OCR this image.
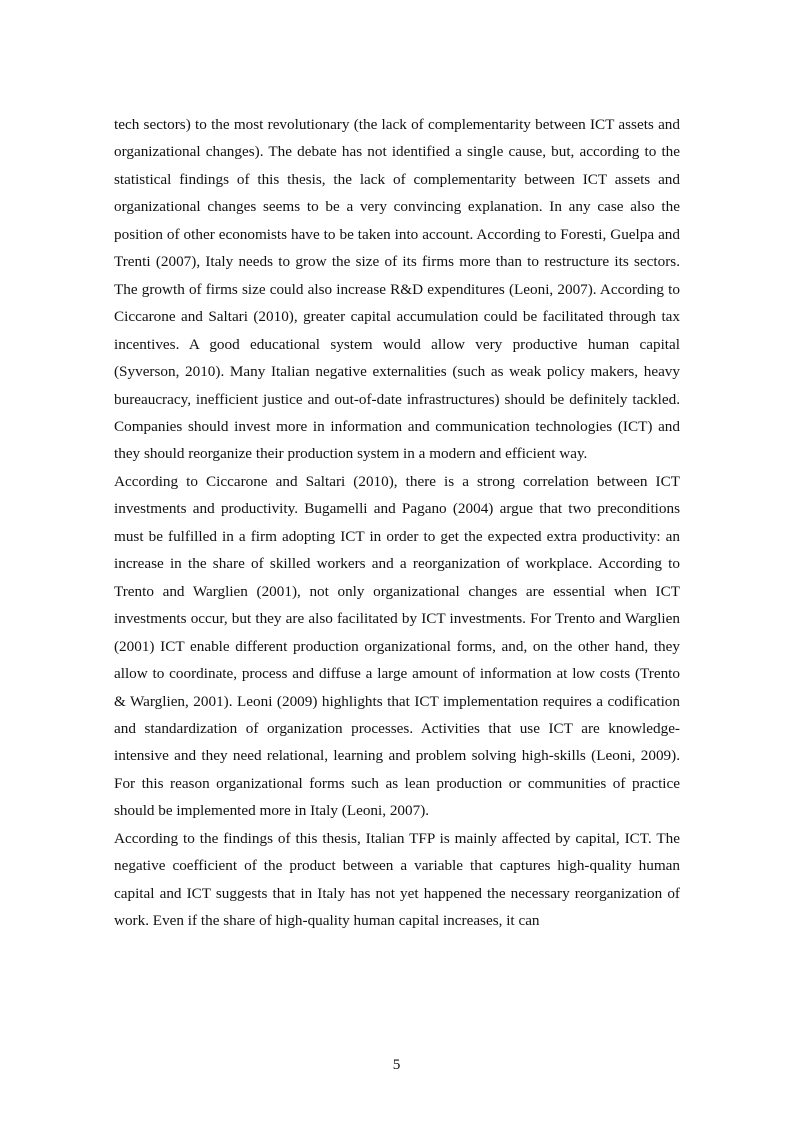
tech sectors) to the most revolutionary (the lack of complementarity between ICT assets and organizational changes). The debate has not identified a single cause, but, according to the statistical findings of this thesis, the lack of complementarity between ICT assets and organizational changes seems to be a very convincing explanation. In any case also the position of other economists have to be taken into account. According to Foresti, Guelpa and Trenti (2007), Italy needs to grow the size of its firms more than to restructure its sectors. The growth of firms size could also increase R&D expenditures (Leoni, 2007). According to Ciccarone and Saltari (2010), greater capital accumulation could be facilitated through tax incentives. A good educational system would allow very productive human capital (Syverson, 2010). Many Italian negative externalities (such as weak policy makers, heavy bureaucracy, inefficient justice and out-of-date infrastructures) should be definitely tackled. Companies should invest more in information and communication technologies (ICT) and they should reorganize their production system in a modern and efficient way.

According to Ciccarone and Saltari (2010), there is a strong correlation between ICT investments and productivity. Bugamelli and Pagano (2004) argue that two preconditions must be fulfilled in a firm adopting ICT in order to get the expected extra productivity: an increase in the share of skilled workers and a reorganization of workplace. According to Trento and Warglien (2001), not only organizational changes are essential when ICT investments occur, but they are also facilitated by ICT investments. For Trento and Warglien (2001) ICT enable different production organizational forms, and, on the other hand, they allow to coordinate, process and diffuse a large amount of information at low costs (Trento & Warglien, 2001). Leoni (2009) highlights that ICT implementation requires a codification and standardization of organization processes. Activities that use ICT are knowledge-intensive and they need relational, learning and problem solving high-skills (Leoni, 2009). For this reason organizational forms such as lean production or communities of practice should be implemented more in Italy (Leoni, 2007).

According to the findings of this thesis, Italian TFP is mainly affected by capital, ICT. The negative coefficient of the product between a variable that captures high-quality human capital and ICT suggests that in Italy has not yet happened the necessary reorganization of work. Even if the share of high-quality human capital increases, it can

5
